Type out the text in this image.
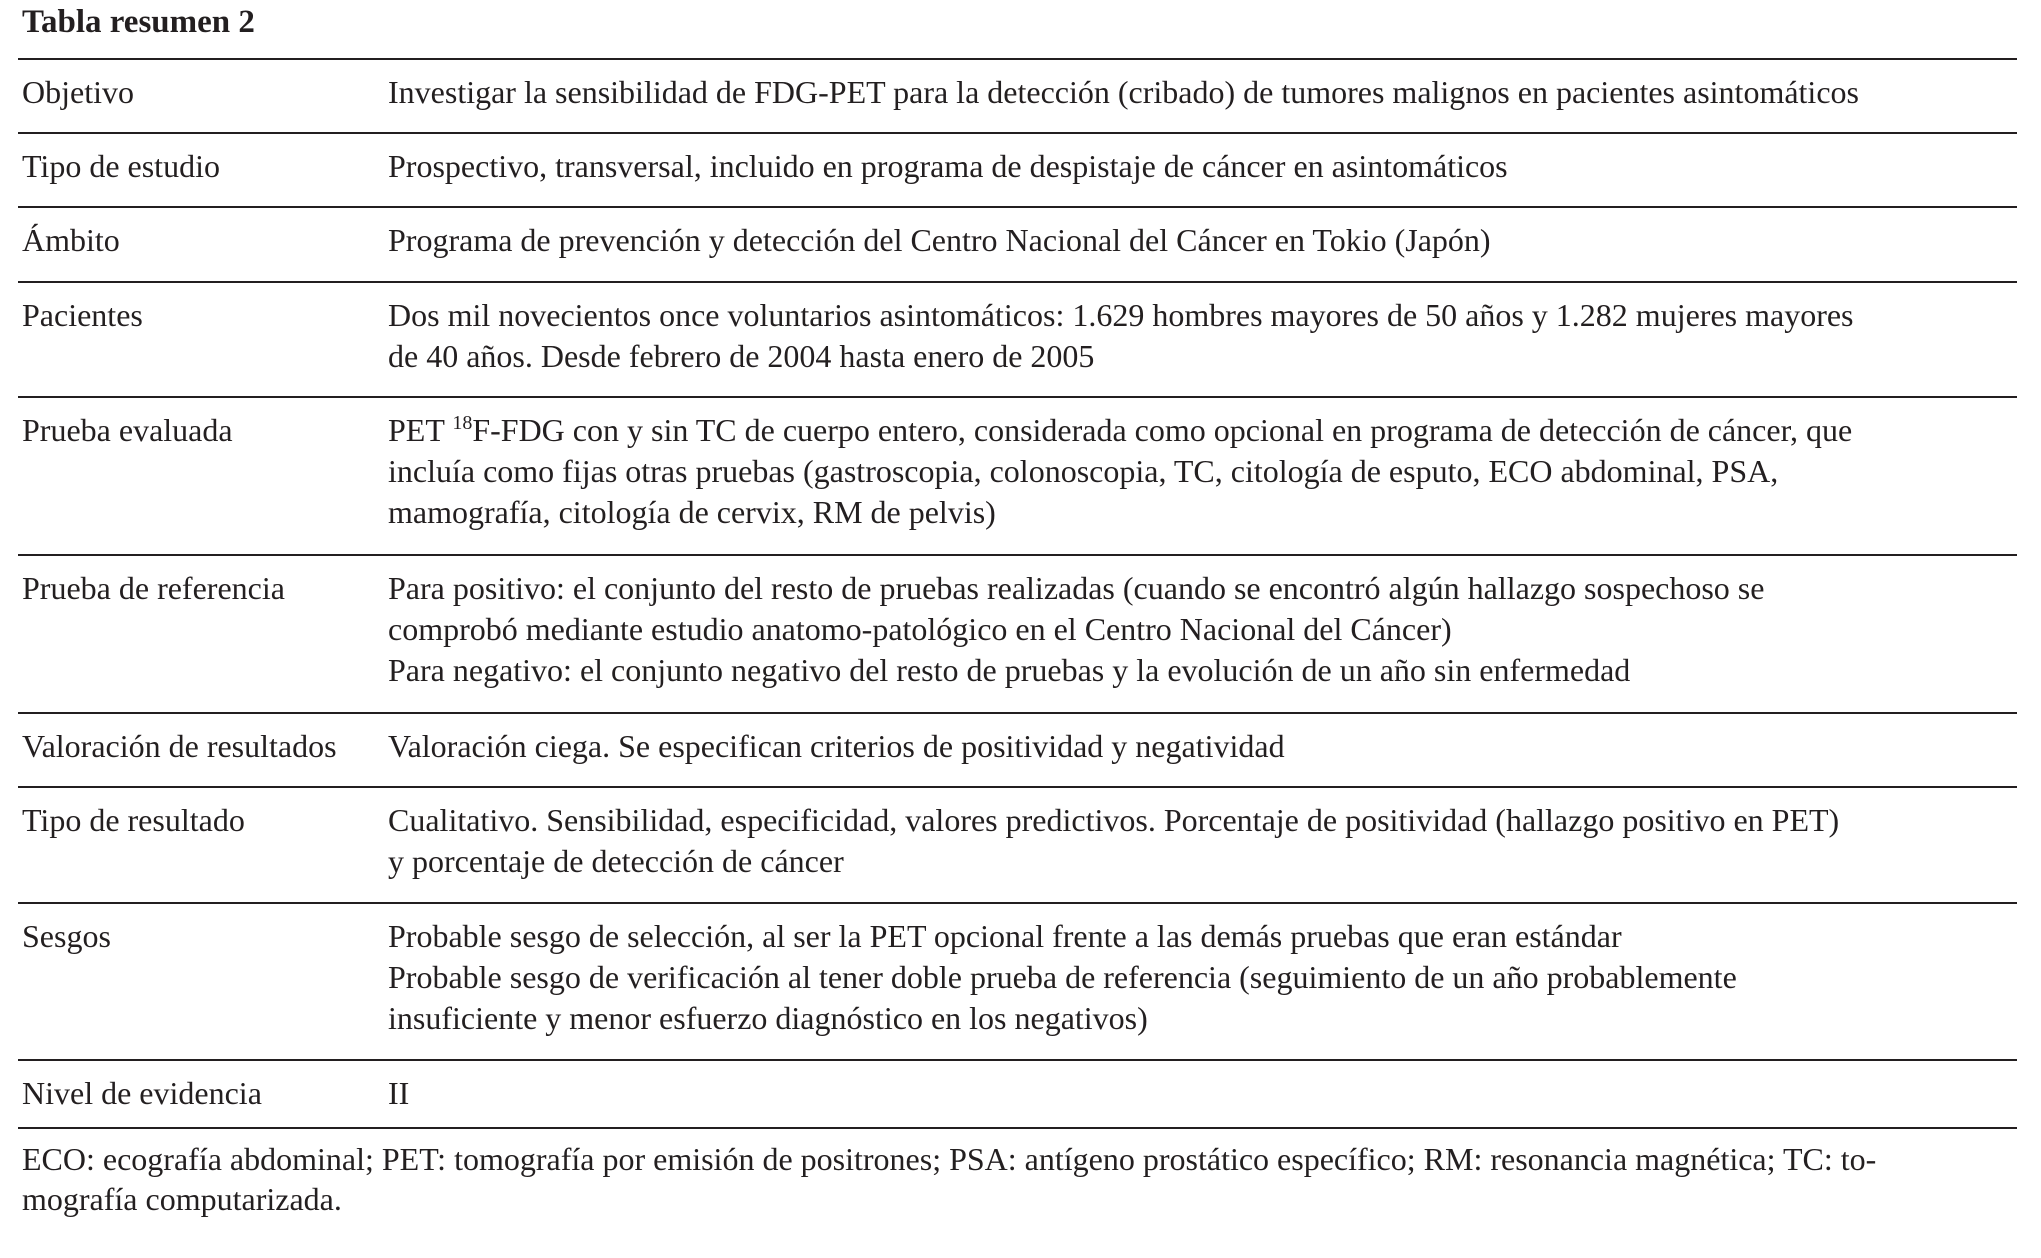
Tabla resumen 2
Objetivo	Investigar la sensibilidad de FDG-PET para la detección (cribado) de tumores malignos en pacientes asintomáticos
Tipo de estudio	Prospectivo, transversal, incluido en programa de despistaje de cáncer en asintomáticos
Ámbito	Programa de prevención y detección del Centro Nacional del Cáncer en Tokio (Japón)
Pacientes	Dos mil novecientos once voluntarios asintomáticos: 1.629 hombres mayores de 50 años y 1.282 mujeres mayores
de 40 años. Desde febrero de 2004 hasta enero de 2005
Prueba evaluada	PET $^{18}$F-FDG con y sin TC de cuerpo entero, considerada como opcional en programa de detección de cáncer, que
incluía como fijas otras pruebas (gastroscopia, colonoscopia, TC, citología de esputo, ECO abdominal, PSA,
mamografía, citología de cervix, RM de pelvis)
Prueba de referencia	Para positivo: el conjunto del resto de pruebas realizadas (cuando se encontró algún hallazgo sospechoso se
comprobó mediante estudio anatomo-patológico en el Centro Nacional del Cáncer)
Para negativo: el conjunto negativo del resto de pruebas y la evolución de un año sin enfermedad
Valoración de resultados	Valoración ciega. Se especifican criterios de positividad y negatividad
Tipo de resultado	Cualitativo. Sensibilidad, especificidad, valores predictivos. Porcentaje de positividad (hallazgo positivo en PET)
y porcentaje de detección de cáncer
Sesgos	Probable sesgo de selección, al ser la PET opcional frente a las demás pruebas que eran estándar
Probable sesgo de verificación al tener doble prueba de referencia (seguimiento de un año probablemente
insuficiente y menor esfuerzo diagnóstico en los negativos)
Nivel de evidencia	II
ECO: ecografía abdominal; PET: tomografía por emisión de positrones; PSA: antígeno prostático específico; RM: resonancia magnética; TC: to-
mografía computarizada.
